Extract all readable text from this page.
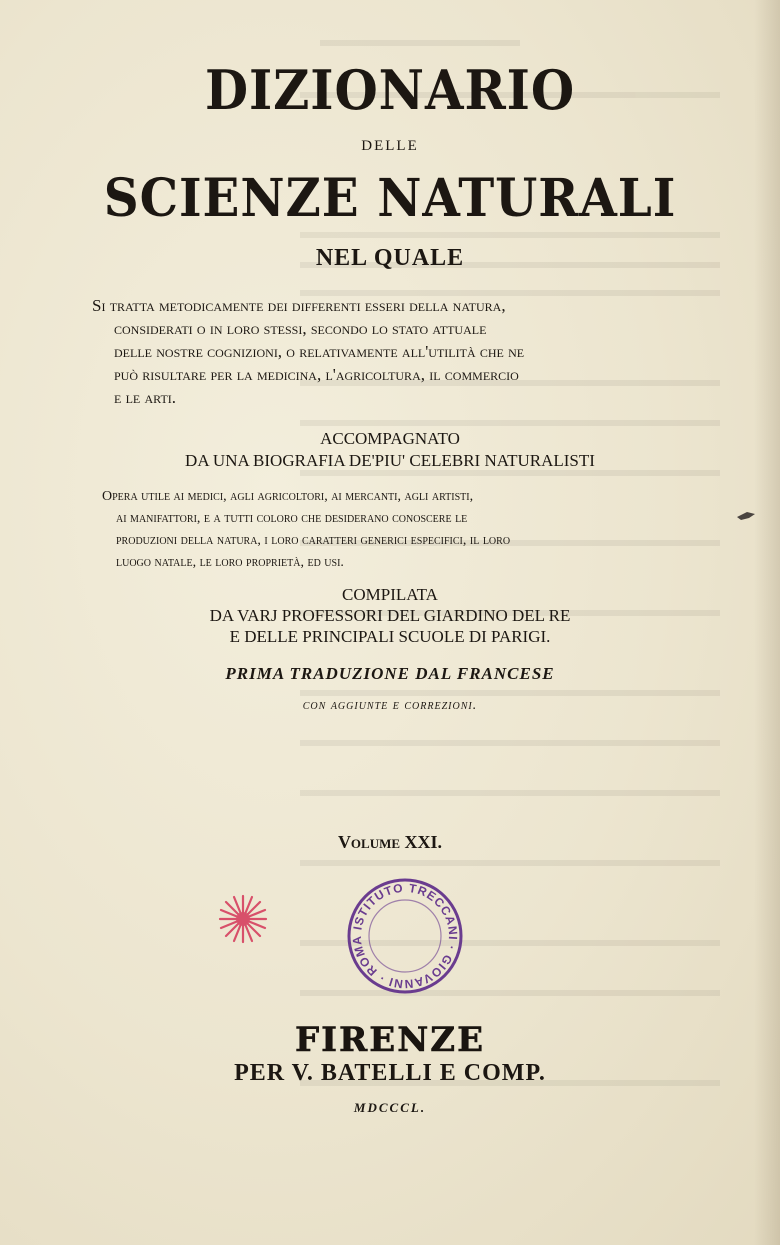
DIZIONARIO
DELLE
SCIENZE NATURALI
NEL QUALE
Si tratta metodicamente dei differenti esseri della natura,
considerati o in loro stessi, secondo lo stato attuale
delle nostre cognizioni, o relativamente all'utilità che ne
può risultare per la medicina, l'agricoltura, il commercio
e le arti.
ACCOMPAGNATO
DA UNA BIOGRAFIA DE'PIU' CELEBRI NATURALISTI
Opera utile ai medici, agli agricoltori, ai mercanti, agli artisti,
ai manifattori, e a tutti coloro che desiderano conoscere le
produzioni della natura, i loro caratteri generici especifici, il loro
luogo natale, le loro proprietà, ed usi.
COMPILATA
DA VARJ PROFESSORI DEL GIARDINO DEL RE
E DELLE PRINCIPALI SCUOLE DI PARIGI.
PRIMA TRADUZIONE DAL FRANCESE
con aggiunte e correzioni.
Volume XXI.
ISTITUTO TRECCANI · GIOVANNI · ROMA
FIRENZE
PER V. BATELLI E COMP.
MDCCCL.
